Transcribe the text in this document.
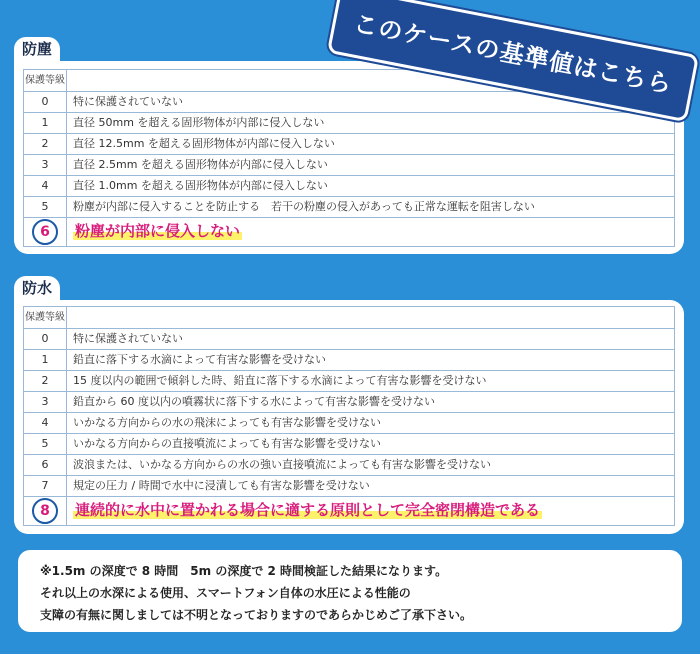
防塵
保護等級	
0	特に保護されていない
1	直径 50mm を超える固形物体が内部に侵入しない
2	直径 12.5mm を超える固形物体が内部に侵入しない
3	直径 2.5mm を超える固形物体が内部に侵入しない
4	直径 1.0mm を超える固形物体が内部に侵入しない
5	粉塵が内部に侵入することを防止する　若干の粉塵の侵入があっても正常な運転を阻害しない
6	粉塵が内部に侵入しない
防水
保護等級	
0	特に保護されていない
1	鉛直に落下する水滴によって有害な影響を受けない
2	15 度以内の範囲で傾斜した時、鉛直に落下する水滴によって有害な影響を受けない
3	鉛直から 60 度以内の噴霧状に落下する水によって有害な影響を受けない
4	いかなる方向からの水の飛沫によっても有害な影響を受けない
5	いかなる方向からの直接噴流によっても有害な影響を受けない
6	波浪または、いかなる方向からの水の強い直接噴流によっても有害な影響を受けない
7	規定の圧力 / 時間で水中に浸漬しても有害な影響を受けない
8	連続的に水中に置かれる場合に適する原則として完全密閉構造である
このケースの基準値はこちら
※1.5m の深度で 8 時間　5m の深度で 2 時間検証した結果になります。
それ以上の水深による使用、スマートフォン自体の水圧による性能の
支障の有無に関しましては不明となっておりますのであらかじめご了承下さい。
